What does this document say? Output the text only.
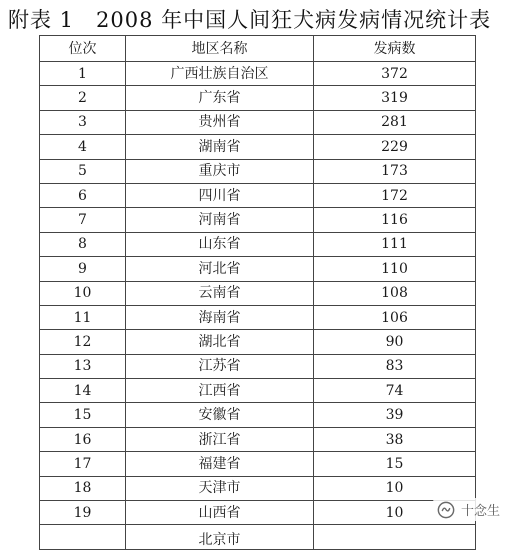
附表 1　2008 年中国人间狂犬病发病情况统计表
位次	地区名称	发病数
1	广西壮族自治区	372
2	广东省	319
3	贵州省	281
4	湖南省	229
5	重庆市	173
6	四川省	172
7	河南省	116
8	山东省	111
9	河北省	110
10	云南省	108
11	海南省	106
12	湖北省	90
13	江苏省	83
14	江西省	74
15	安徽省	39
16	浙江省	38
17	福建省	15
18	天津市	10
19	山西省	10

	北京市	

十念生
